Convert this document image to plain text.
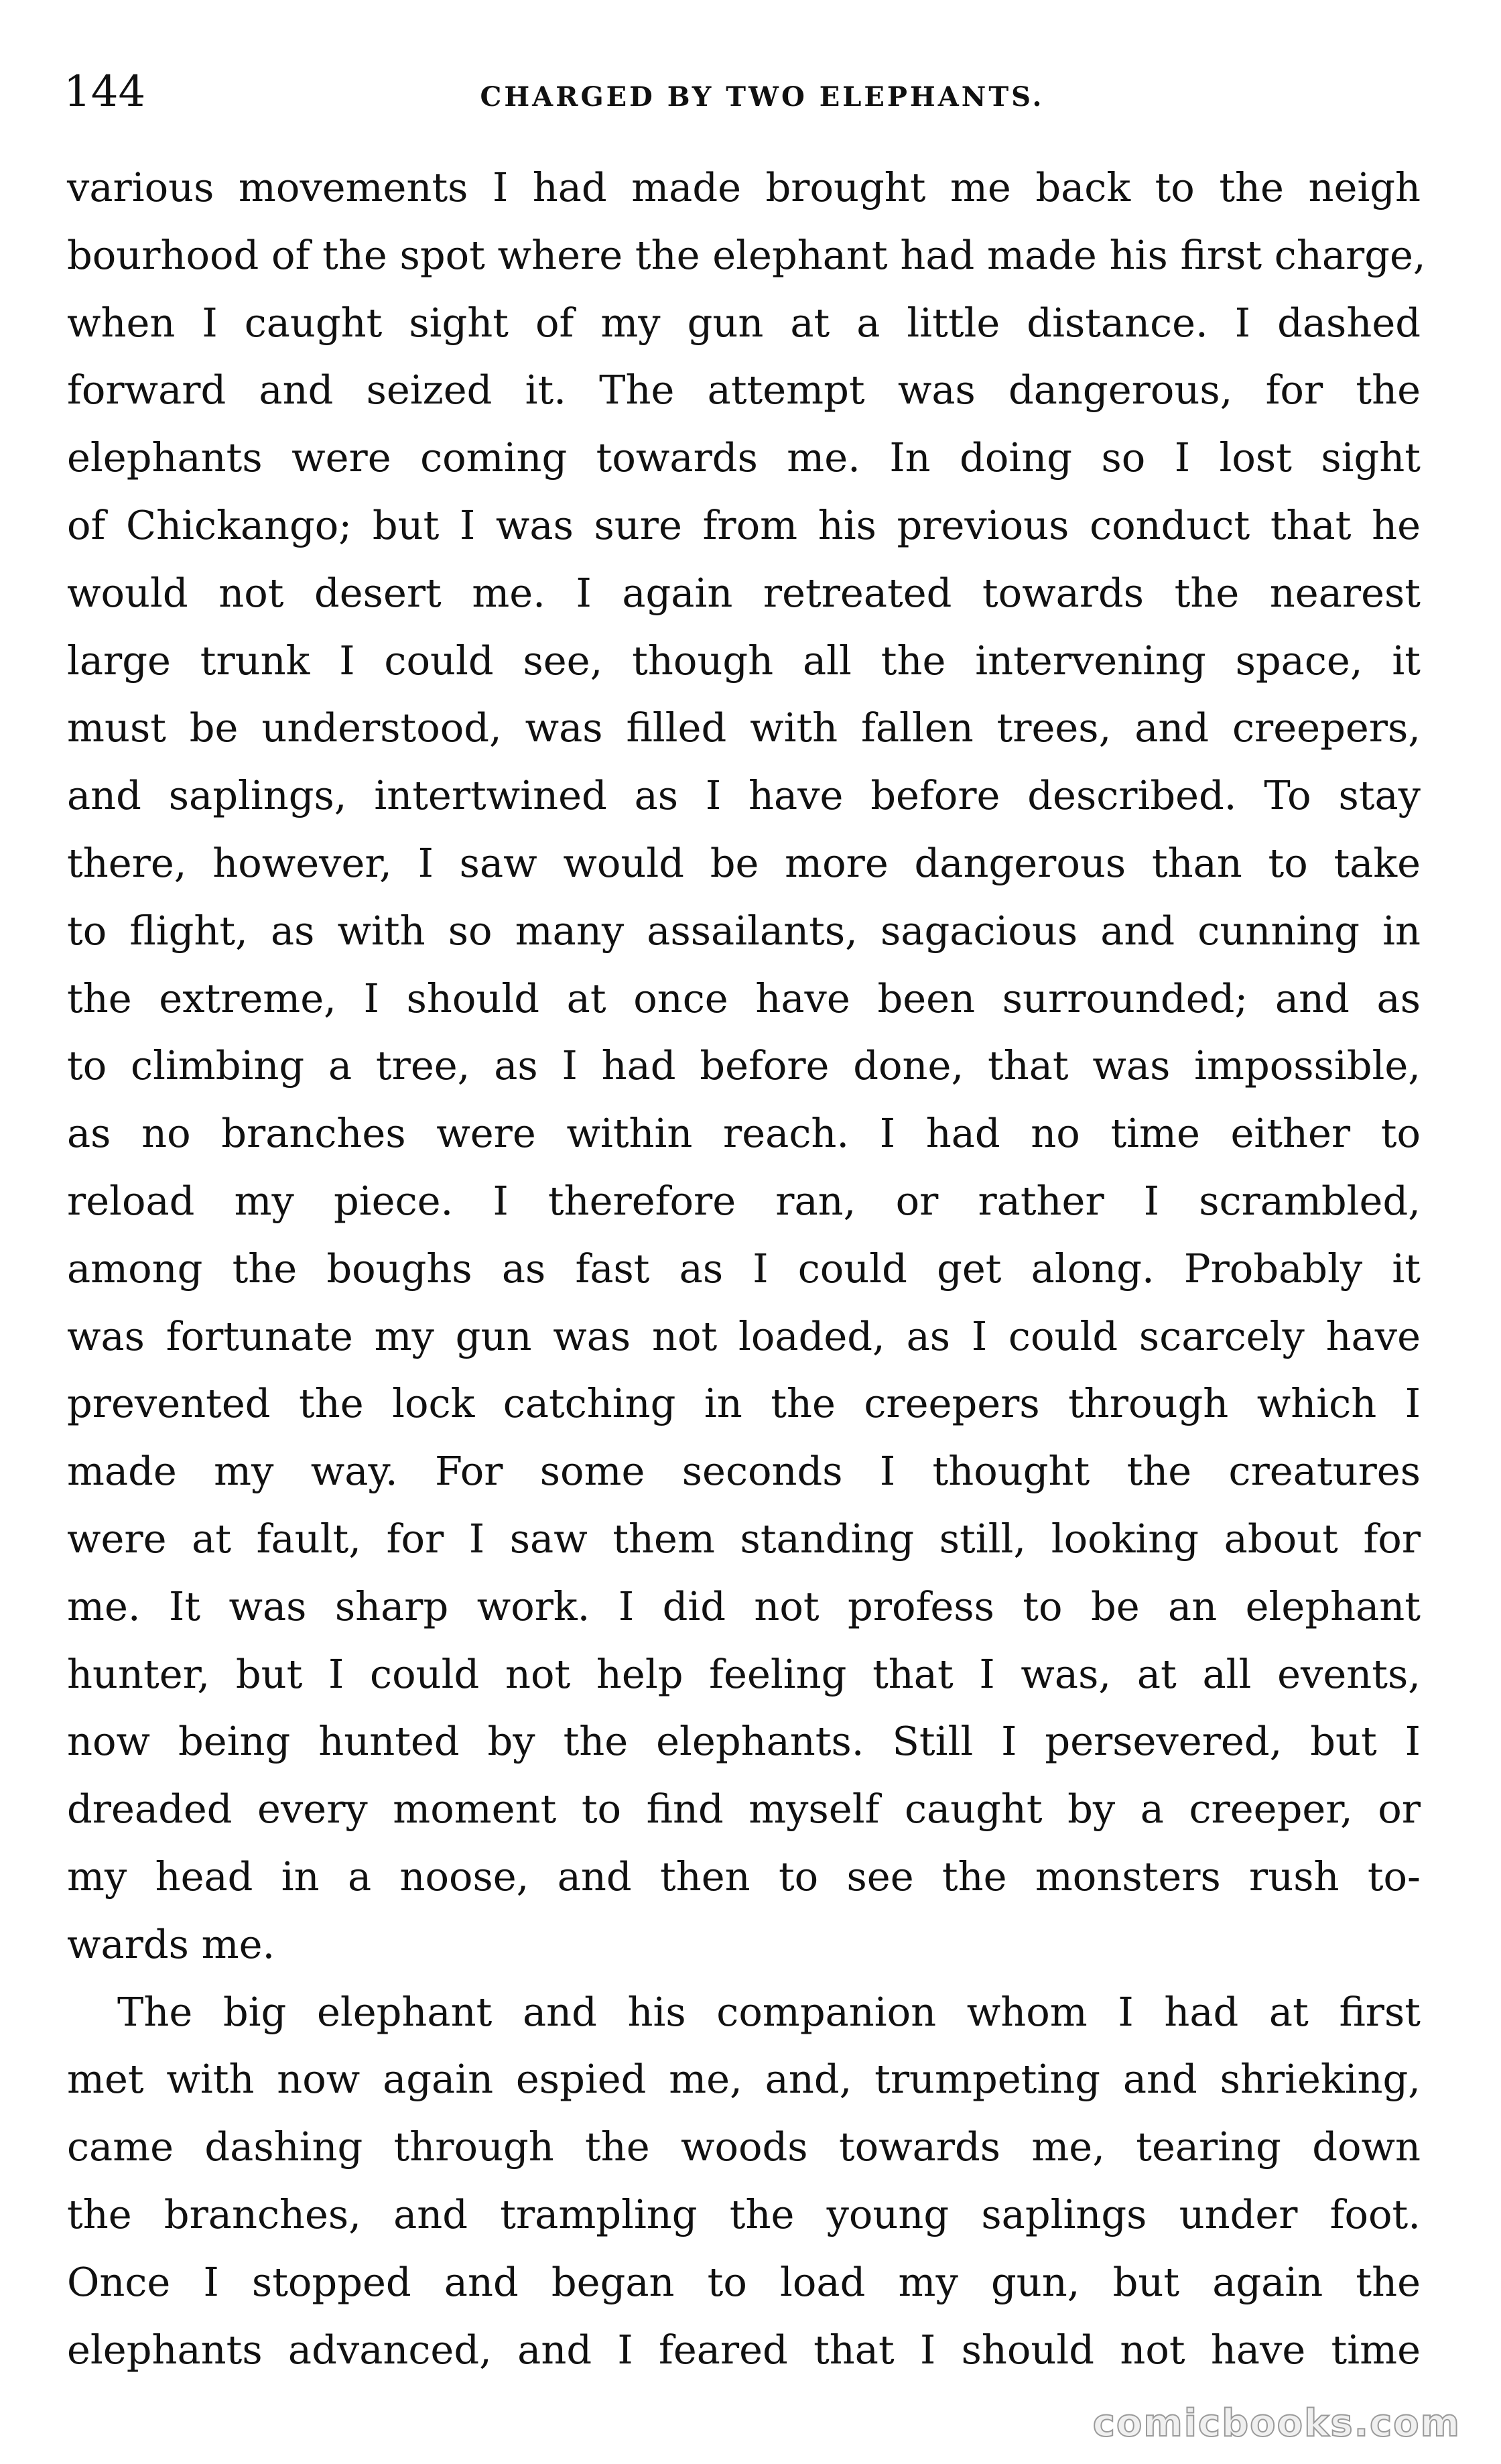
144	CHARGED BY TWO ELEPHANTS.
various movements I had made brought me back to the neigh
bourhood of the spot where the elephant had made his first charge,
when I caught sight of my gun at a little distance. I dashed
forward and seized it. The attempt was dangerous, for the
elephants were coming towards me. In doing so I lost sight
of Chickango; but I was sure from his previous conduct that he
would not desert me. I again retreated towards the nearest
large trunk I could see, though all the intervening space, it
must be understood, was filled with fallen trees, and creepers,
and saplings, intertwined as I have before described. To stay
there, however, I saw would be more dangerous than to take
to flight, as with so many assailants, sagacious and cunning in
the extreme, I should at once have been surrounded; and as
to climbing a tree, as I had before done, that was impossible,
as no branches were within reach. I had no time either to
reload my piece. I therefore ran, or rather I scrambled,
among the boughs as fast as I could get along. Probably it
was fortunate my gun was not loaded, as I could scarcely have
prevented the lock catching in the creepers through which I
made my way. For some seconds I thought the creatures
were at fault, for I saw them standing still, looking about for
me. It was sharp work. I did not profess to be an elephant
hunter, but I could not help feeling that I was, at all events,
now being hunted by the elephants. Still I persevered, but I
dreaded every moment to find myself caught by a creeper, or
my head in a noose, and then to see the monsters rush to-
wards me.
The big elephant and his companion whom I had at first
met with now again espied me, and, trumpeting and shrieking,
came dashing through the woods towards me, tearing down
the branches, and trampling the young saplings under foot.
Once I stopped and began to load my gun, but again the
elephants advanced, and I feared that I should not have time
comicbooks.com
